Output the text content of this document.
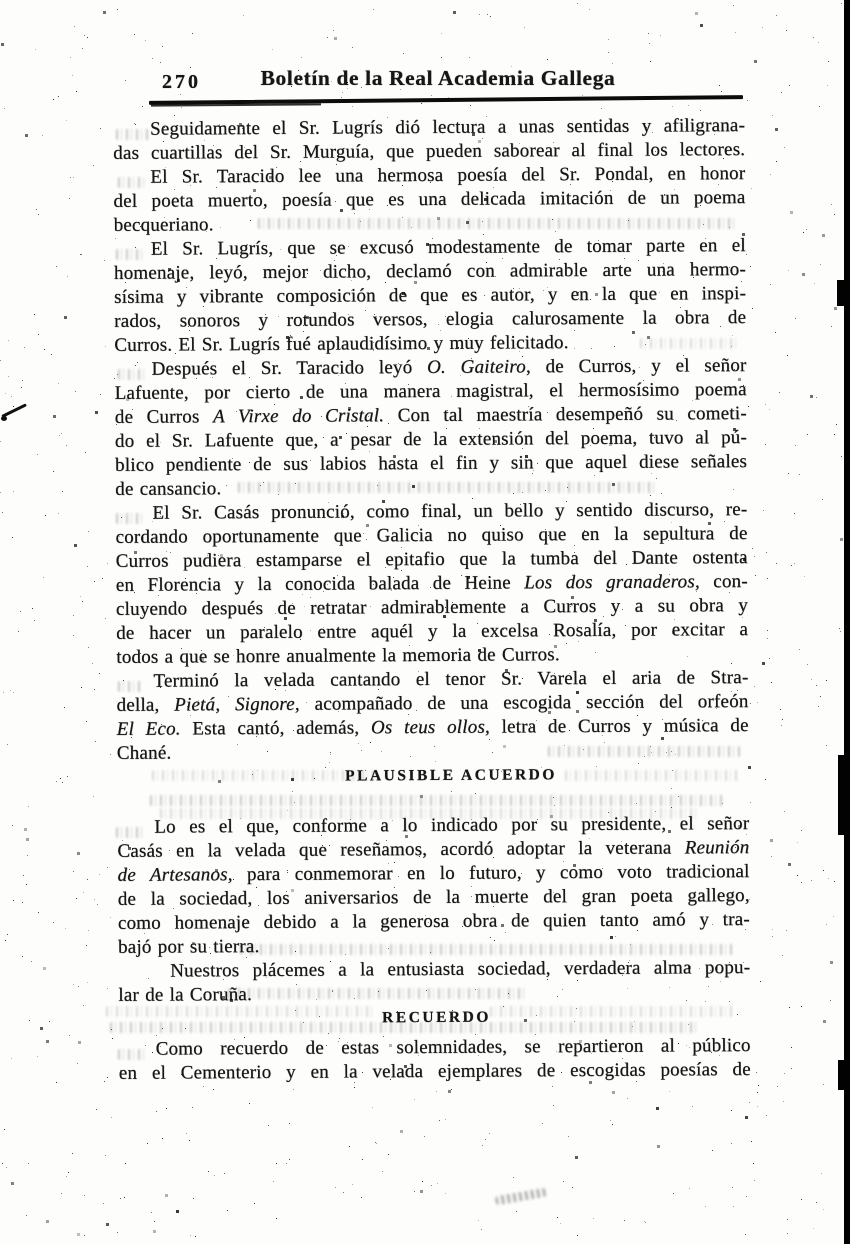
270	Boletín de la Real Academia Gallega
Seguidamente el Sr. Lugrís dió lectura a unas sentidas y afiligrana-
das cuartillas del Sr. Murguía, que pueden saborear al final los lectores.
El Sr. Taracido lee una hermosa poesía del Sr. Pondal, en honor
del poeta muerto, poesía que es una delicada imitación de un poema
becqueriano.
El Sr. Lugrís, que se excusó modestamente de tomar parte en el
homenaje, leyó, mejor dicho, declamó con admirable arte una hermo-
sísima y vibrante composición de que es autor, y en la que en inspi-
rados, sonoros y rotundos versos, elogia calurosamente la obra de
Curros. El Sr. Lugrís fué aplaudidísimo y muy felicitado.
Después el Sr. Taracido leyó O. Gaiteiro, de Curros, y el señor
Lafuente, por cierto de una manera magistral, el hermosísimo poema
de Curros A Virxe do Cristal. Con tal maestría desempeñó su cometi-
do el Sr. Lafuente que, a pesar de la extensión del poema, tuvo al pú-
blico pendiente de sus labios hasta el fin y sin que aquel diese señales
de cansancio.
El Sr. Casás pronunció, como final, un bello y sentido discurso, re-
cordando oportunamente que Galicia no quiso que en la sepultura de
Curros pudiera estamparse el epitafio que la tumba del Dante ostenta
en Florencia y la conocida balada de Heine Los dos granaderos, con-
cluyendo después de retratar admirablemente a Curros y a su obra y
de hacer un paralelo entre aquél y la excelsa Rosalía, por excitar a
todos a que se honre anualmente la memoria de Curros.
Terminó la velada cantando el tenor Sr. Varela el aria de Stra-
della, Pietá, Signore, acompañado de una escogida sección del orfeón
El Eco. Esta cantó, además, Os teus ollos, letra de Curros y música de
Chané.
PLAUSIBLE ACUERDO
Lo es el que, conforme a lo indicado por su presidente, el señor
Casás en la velada que reseñamos, acordó adoptar la veterana Reunión
de Artesanos, para conmemorar en lo futuro, y como voto tradicional
de la sociedad, los aniversarios de la muerte del gran poeta gallego,
como homenaje debido a la generosa obra de quien tanto amó y tra-
bajó por su tierra.
Nuestros plácemes a la entusiasta sociedad, verdadera alma popu-
lar de la Coruña.
RECUERDO
Como recuerdo de estas solemnidades, se repartieron al público
en el Cementerio y en la velada ejemplares de escogidas poesías de
